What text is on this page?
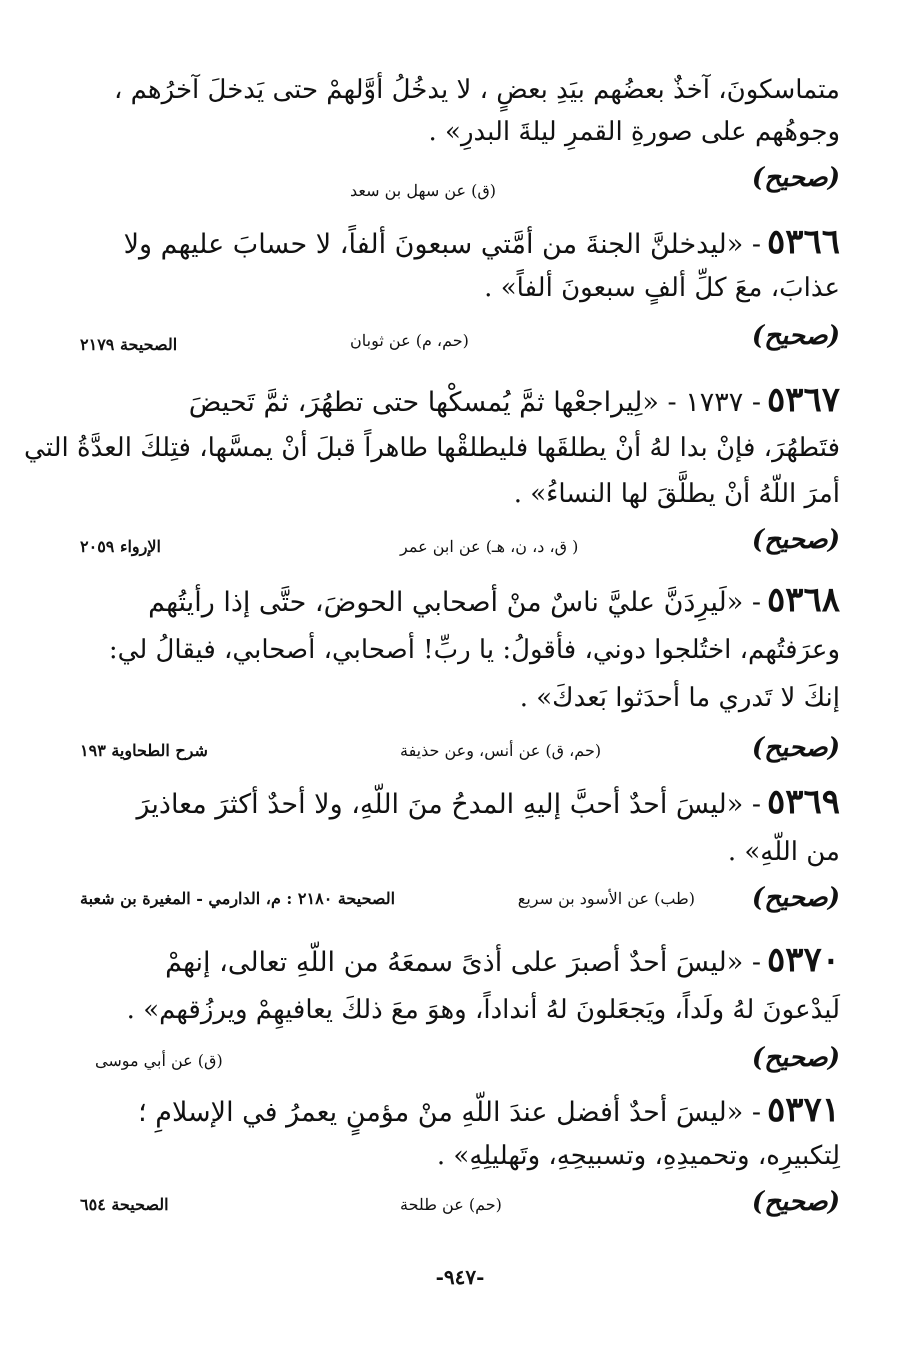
متماسكونَ، آخذٌ بعضُهم بيَدِ بعضٍ ، لا يدخُلُ أوَّلهمْ حتى يَدخلَ آخرُهم ،
وجوهُهم على صورةِ القمرِ ليلةَ البدرِ» .
(صحيح)
(ق) عن سهل بن سعد
٥٣٦٦- «ليدخلنَّ الجنةَ من أمَّتي سبعونَ ألفاً، لا حسابَ عليهم ولا
عذابَ، معَ كلِّ ألفٍ سبعونَ ألفاً» .
(صحيح)
(حم، م) عن ثوبان
الصحيحة ٢١٧٩
٥٣٦٧- ١٧٣٧ - «لِيراجعْها ثمَّ يُمسكْها حتى تطهُرَ، ثمَّ تَحيضَ
فتَطهُرَ، فإنْ بدا لهُ أنْ يطلقَها فليطلقْها طاهراً قبلَ أنْ يمسَّها، فتِلكَ العدَّةُ التي
أمرَ اللّهُ أنْ يطلَّقَ لها النساءُ» .
(صحيح)
( ق، د، ن، هـ) عن ابن عمر
الإرواء ٢٠٥٩
٥٣٦٨- «لَيرِدَنَّ عليَّ ناسٌ منْ أصحابي الحوضَ، حتَّى إذا رأيتُهم
وعرَفتُهم، اختُلجوا دوني، فأقولُ: يا ربِّ! أصحابي، أصحابي، فيقالُ لي:
إنكَ لا تَدري ما أحدَثوا بَعدكَ» .
(صحيح)
(حم، ق) عن أنس، وعن حذيفة
شرح الطحاوية ١٩٣
٥٣٦٩- «ليسَ أحدٌ أحبَّ إليهِ المدحُ منَ اللّهِ، ولا أحدٌ أكثرَ معاذيرَ
من اللّهِ» .
(صحيح)
(طب) عن الأسود بن سريع
الصحيحة ٢١٨٠ : م، الدارمي - المغيرة بن شعبة
٥٣٧٠- «ليسَ أحدٌ أصبرَ على أذىً سمعَهُ من اللّهِ تعالى، إنهمْ
لَيدْعونَ لهُ ولَداً، ويَجعَلونَ لهُ أنداداً، وهوَ معَ ذلكَ يعافيهِمْ ويرزُقهم» .
(صحيح)
(ق) عن أبي موسى
٥٣٧١- «ليسَ أحدٌ أفضل عندَ اللّهِ منْ مؤمنٍ يعمرُ في الإسلامِ ؛
لِتكبيرِه، وتحميدِهِ، وتسبيحِهِ، وتَهليلِهِ» .
(صحيح)
(حم) عن طلحة
الصحيحة ٦٥٤
-٩٤٧-
